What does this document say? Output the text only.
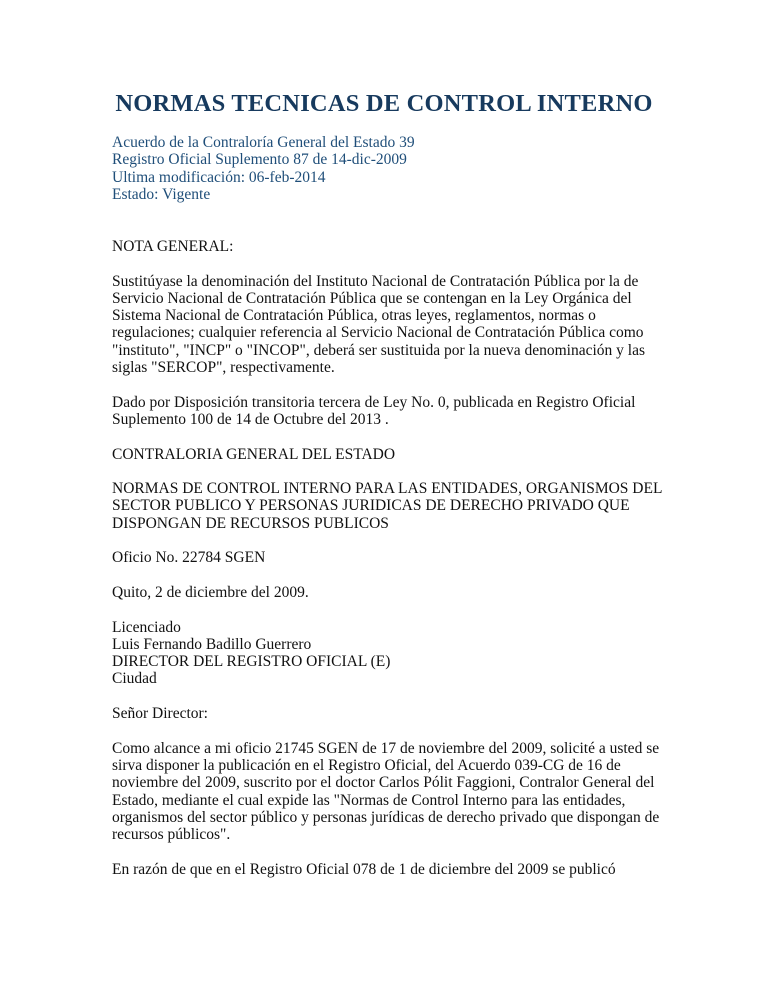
NORMAS TECNICAS DE CONTROL INTERNO
Acuerdo de la Contraloría General del Estado 39
Registro Oficial Suplemento 87 de 14-dic-2009
Ultima modificación: 06-feb-2014
Estado: Vigente

NOTA GENERAL:

Sustitúyase la denominación del Instituto Nacional de Contratación Pública por la de
Servicio Nacional de Contratación Pública que se contengan en la Ley Orgánica del
Sistema Nacional de Contratación Pública, otras leyes, reglamentos, normas o
regulaciones; cualquier referencia al Servicio Nacional de Contratación Pública como
"instituto", "INCP" o "INCOP", deberá ser sustituida por la nueva denominación y las
siglas "SERCOP", respectivamente.

Dado por Disposición transitoria tercera de Ley No. 0, publicada en Registro Oficial
Suplemento 100 de 14 de Octubre del 2013 .

CONTRALORIA GENERAL DEL ESTADO

NORMAS DE CONTROL INTERNO PARA LAS ENTIDADES, ORGANISMOS DEL
SECTOR PUBLICO Y PERSONAS JURIDICAS DE DERECHO PRIVADO QUE
DISPONGAN DE RECURSOS PUBLICOS

Oficio No. 22784 SGEN

Quito, 2 de diciembre del 2009.

Licenciado
Luis Fernando Badillo Guerrero
DIRECTOR DEL REGISTRO OFICIAL (E)
Ciudad

Señor Director:

Como alcance a mi oficio 21745 SGEN de 17 de noviembre del 2009, solicité a usted se
sirva disponer la publicación en el Registro Oficial, del Acuerdo 039-CG de 16 de
noviembre del 2009, suscrito por el doctor Carlos Pólit Faggioni, Contralor General del
Estado, mediante el cual expide las "Normas de Control Interno para las entidades,
organismos del sector público y personas jurídicas de derecho privado que dispongan de
recursos públicos".

En razón de que en el Registro Oficial 078 de 1 de diciembre del 2009 se publicó
